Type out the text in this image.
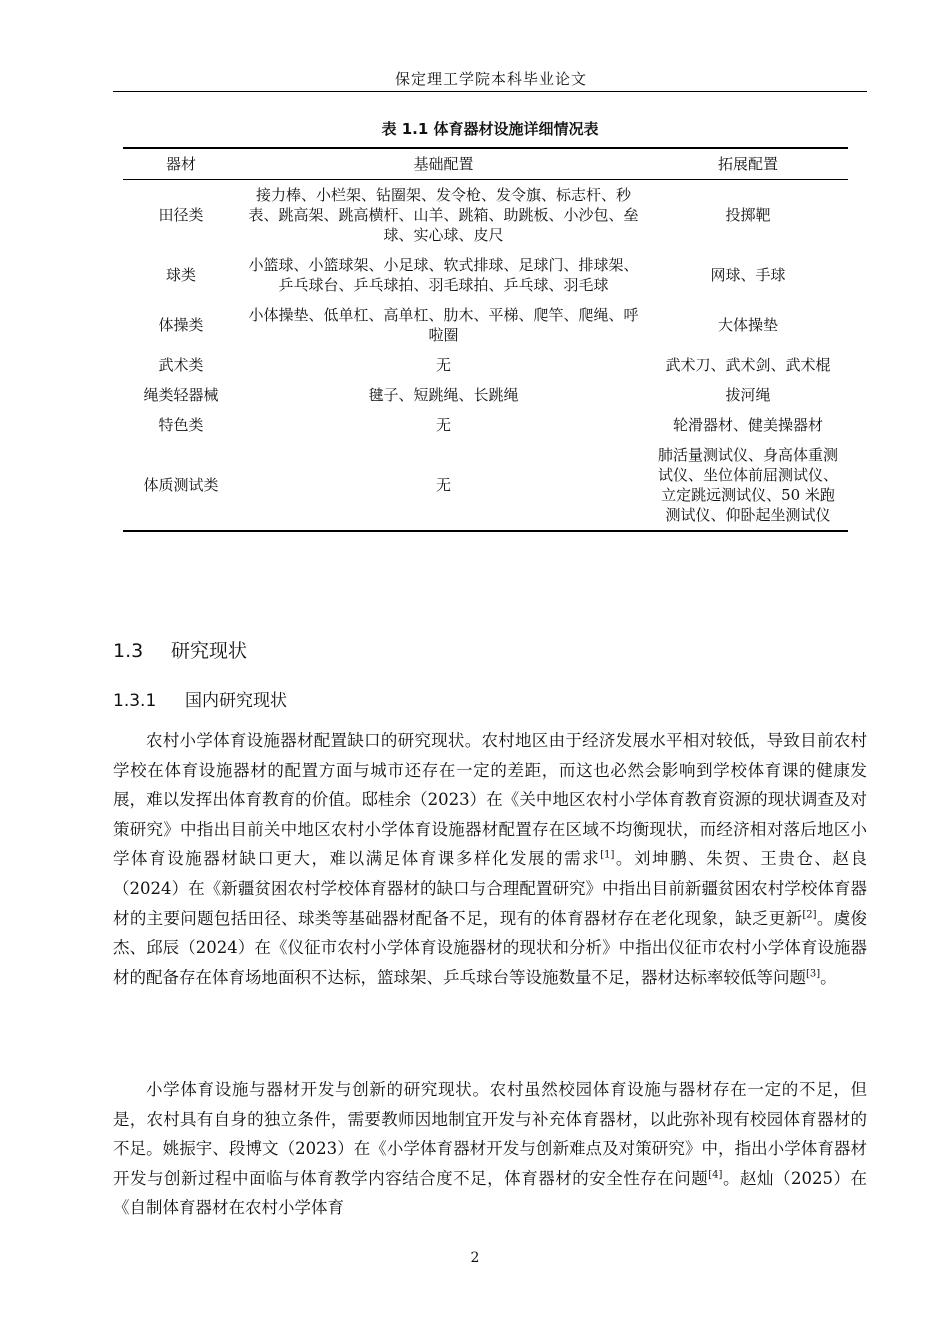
保定理工学院本科毕业论文
表 1.1 体育器材设施详细情况表
器材	基础配置	拓展配置
田径类	接力棒、小栏架、钻圈架、发令枪、发令旗、标志杆、秒表、跳高架、跳高横杆、山羊、跳箱、助跳板、小沙包、垒球、实心球、皮尺	投掷靶
球类	小篮球、小篮球架、小足球、软式排球、足球门、排球架、乒乓球台、乒乓球拍、羽毛球拍、乒乓球、羽毛球	网球、手球
体操类	小体操垫、低单杠、高单杠、肋木、平梯、爬竿、爬绳、呼啦圈	大体操垫
武术类	无	武术刀、武术剑、武术棍
绳类轻器械	毽子、短跳绳、长跳绳	拔河绳
特色类	无	轮滑器材、健美操器材
体质测试类	无	肺活量测试仪、身高体重测试仪、坐位体前屈测试仪、立定跳远测试仪、50 米跑测试仪、仰卧起坐测试仪
1.3 研究现状
1.3.1 国内研究现状

农村小学体育设施器材配置缺口的研究现状。农村地区由于经济发展水平相对较低，导致目前农村学校在体育设施器材的配置方面与城市还存在一定的差距，而这也必然会影响到学校体育课的健康发展，难以发挥出体育教育的价值。邸桂余（2023）在《关中地区农村小学体育教育资源的现状调查及对策研究》中指出目前关中地区农村小学体育设施器材配置存在区域不均衡现状，而经济相对落后地区小学体育设施器材缺口更大，难以满足体育课多样化发展的需求[1]。刘坤鹏、朱贺、王贵仓、赵良（2024）在《新疆贫困农村学校体育器材的缺口与合理配置研究》中指出目前新疆贫困农村学校体育器材的主要问题包括田径、球类等基础器材配备不足，现有的体育器材存在老化现象，缺乏更新[2]。虞俊杰、邱辰（2024）在《仪征市农村小学体育设施器材的现状和分析》中指出仪征市农村小学体育设施器材的配备存在体育场地面积不达标，篮球架、乒乓球台等设施数量不足，器材达标率较低等问题[3]。

小学体育设施与器材开发与创新的研究现状。农村虽然校园体育设施与器材存在一定的不足，但是，农村具有自身的独立条件，需要教师因地制宜开发与补充体育器材，以此弥补现有校园体育器材的不足。姚振宇、段博文（2023）在《小学体育器材开发与创新难点及对策研究》中，指出小学体育器材开发与创新过程中面临与体育教学内容结合度不足，体育器材的安全性存在问题[4]。赵灿（2025）在《自制体育器材在农村小学体育

2
